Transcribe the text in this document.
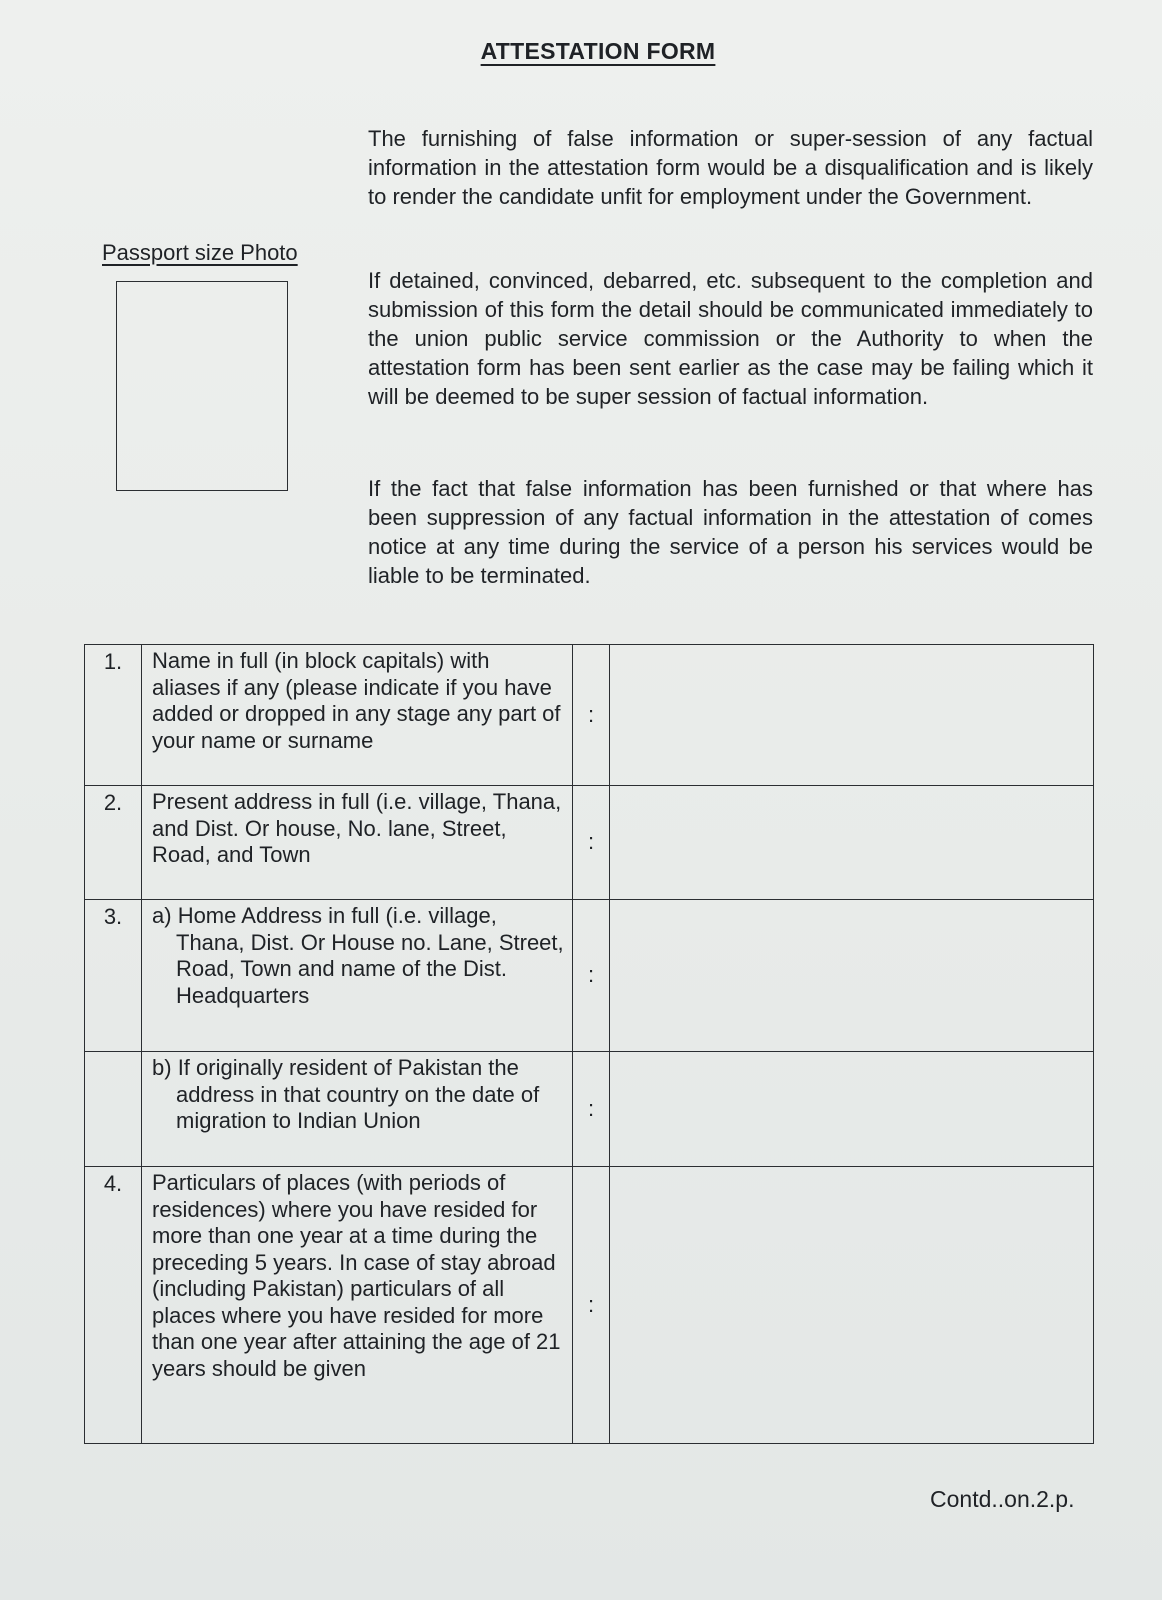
ATTESTATION FORM

The furnishing of false information or super-session of any factual information in the attestation form would be a disqualification and is likely to render the candidate unfit for employment under the Government.

If detained, convinced, debarred, etc. subsequent to the completion and submission of this form the detail should be communicated immediately to the union public service commission or the Authority to when the attestation form has been sent earlier as the case may be failing which it will be deemed to be super session of factual information.

If the fact that false information has been furnished or that where has been suppression of any factual information in the attestation of comes notice at any time during the service of a person his services would be liable to be terminated.

Passport size Photo

1.	Name in full (in block capitals) with aliases if any (please indicate if you have added or dropped in any stage any part of your name or surname	:	
2.	Present address in full (i.e. village, Thana, and Dist. Or house, No. lane, Street, Road, and Town	:	
3.	a) Home Address in full (i.e. village,
Thana, Dist. Or House no. Lane, Street, Road, Town and name of the Dist. Headquarters	:	

	b) If originally resident of Pakistan the
address in that country on the date of migration to Indian Union	:	
4.	Particulars of places (with periods of residences) where you have resided for more than one year at a time during the preceding 5 years. In case of stay abroad (including Pakistan) particulars of all places where you have resided for more than one year after attaining the age of 21 years should be given	:	

Contd..on.2.p.
